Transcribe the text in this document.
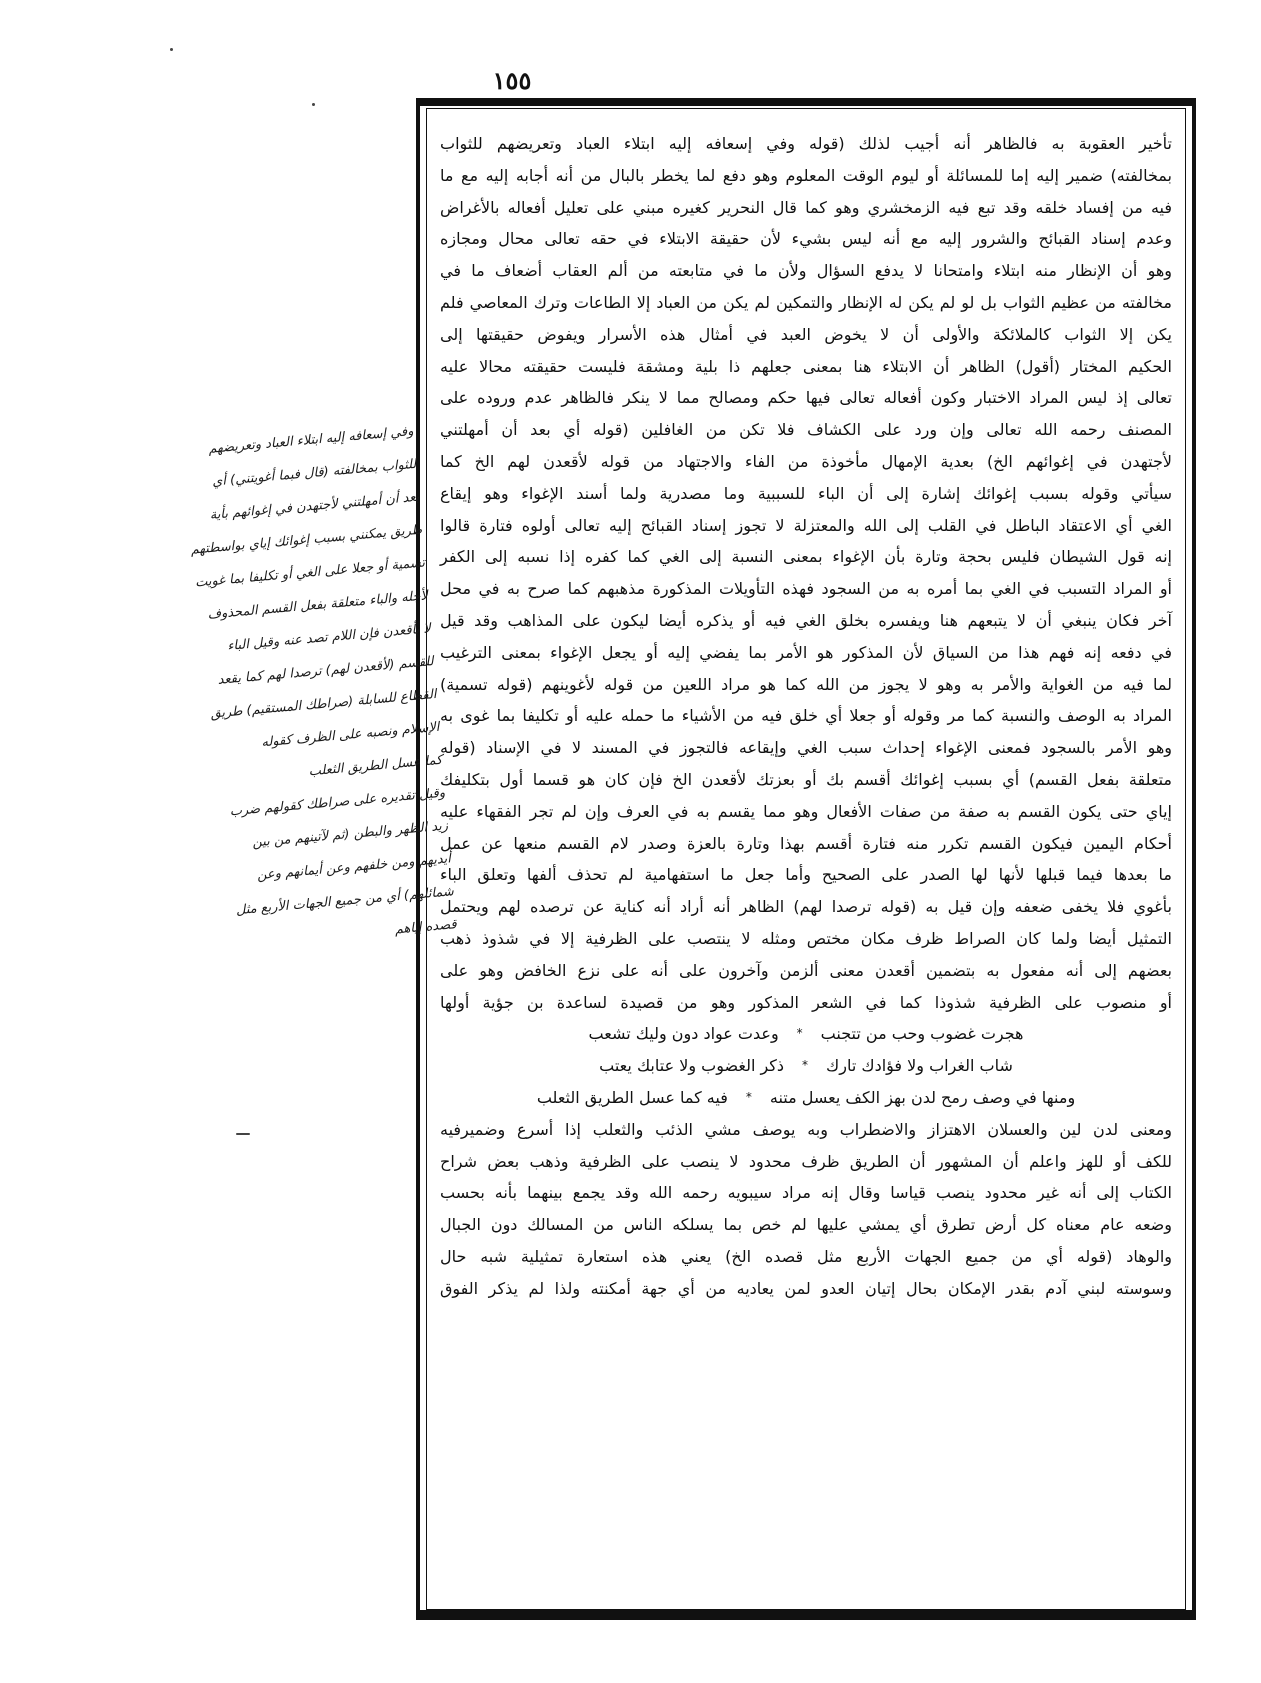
١٥٥
تأخير العقوبة به فالظاهر أنه أجيب لذلك (قوله وفي إسعافه إليه ابتلاء العباد وتعريضهم للثواب
بمخالفته) ضمير إليه إما للمسائلة أو ليوم الوقت المعلوم وهو دفع لما يخطر بالبال من أنه أجابه إليه مع ما
فيه من إفساد خلقه وقد تبع فيه الزمخشري وهو كما قال النحرير كغيره مبني على تعليل أفعاله بالأغراض
وعدم إسناد القبائح والشرور إليه مع أنه ليس بشيء لأن حقيقة الابتلاء في حقه تعالى محال ومجازه
وهو أن الإنظار منه ابتلاء وامتحانا لا يدفع السؤال ولأن ما في متابعته من ألم العقاب أضعاف ما في
مخالفته من عظيم الثواب بل لو لم يكن له الإنظار والتمكين لم يكن من العباد إلا الطاعات وترك المعاصي فلم
يكن إلا الثواب كالملائكة والأولى أن لا يخوض العبد في أمثال هذه الأسرار ويفوض حقيقتها إلى
الحكيم المختار (أقول) الظاهر أن الابتلاء هنا بمعنى جعلهم ذا بلية ومشقة فليست حقيقته محالا عليه
تعالى إذ ليس المراد الاختبار وكون أفعاله تعالى فيها حكم ومصالح مما لا ينكر فالظاهر عدم وروده على
المصنف رحمه الله تعالى وإن ورد على الكشاف فلا تكن من الغافلين (قوله أي بعد أن أمهلتني
لأجتهدن في إغوائهم الخ) بعدية الإمهال مأخوذة من الفاء والاجتهاد من قوله لأقعدن لهم الخ كما
سيأتي وقوله بسبب إغوائك إشارة إلى أن الباء للسببية وما مصدرية ولما أسند الإغواء وهو إيقاع
الغي أي الاعتقاد الباطل في القلب إلى الله والمعتزلة لا تجوز إسناد القبائح إليه تعالى أولوه فتارة قالوا
إنه قول الشيطان فليس بحجة وتارة بأن الإغواء بمعنى النسبة إلى الغي كما كفره إذا نسبه إلى الكفر
أو المراد التسبب في الغي بما أمره به من السجود فهذه التأويلات المذكورة مذهبهم كما صرح به في محل
آخر فكان ينبغي أن لا يتبعهم هنا ويفسره بخلق الغي فيه أو يذكره أيضا ليكون على المذاهب وقد قيل
في دفعه إنه فهم هذا من السياق لأن المذكور هو الأمر بما يفضي إليه أو يجعل الإغواء بمعنى الترغيب
لما فيه من الغواية والأمر به وهو لا يجوز من الله كما هو مراد اللعين من قوله لأغوينهم (قوله تسمية)
المراد به الوصف والنسبة كما مر وقوله أو جعلا أي خلق فيه من الأشياء ما حمله عليه أو تكليفا بما غوى به
وهو الأمر بالسجود فمعنى الإغواء إحداث سبب الغي وإيقاعه فالتجوز في المسند لا في الإسناد (قوله
متعلقة بفعل القسم) أي بسبب إغوائك أقسم بك أو بعزتك لأقعدن الخ فإن كان هو قسما أول بتكليفك
إياي حتى يكون القسم به صفة من صفات الأفعال وهو مما يقسم به في العرف وإن لم تجر الفقهاء عليه
أحكام اليمين فيكون القسم تكرر منه فتارة أقسم بهذا وتارة بالعزة وصدر لام القسم منعها عن عمل
ما بعدها فيما قبلها لأنها لها الصدر على الصحيح وأما جعل ما استفهامية لم تحذف ألفها وتعلق الباء
بأغوي فلا يخفى ضعفه وإن قيل به (قوله ترصدا لهم) الظاهر أنه أراد أنه كناية عن ترصده لهم ويحتمل
التمثيل أيضا ولما كان الصراط ظرف مكان مختص ومثله لا ينتصب على الظرفية إلا في شذوذ ذهب
بعضهم إلى أنه مفعول به بتضمين أقعدن معنى ألزمن وآخرون على أنه على نزع الخافض وهو على
أو منصوب على الظرفية شذوذا كما في الشعر المذكور وهو من قصيدة لساعدة بن جؤية أولها
هجرت غضوب وحب من تتجنب
*
وعدت عواد دون وليك تشعب
شاب الغراب ولا فؤادك تارك
*
ذكر الغضوب ولا عتابك يعتب
ومنها في وصف رمح لدن بهز الكف يعسل متنه
*
فيه كما عسل الطريق الثعلب
ومعنى لدن لين والعسلان الاهتزاز والاضطراب وبه يوصف مشي الذئب والثعلب إذا أسرع وضميرفيه
للكف أو للهز واعلم أن المشهور أن الطريق ظرف محدود لا ينصب على الظرفية وذهب بعض شراح
الكتاب إلى أنه غير محدود ينصب قياسا وقال إنه مراد سيبويه رحمه الله وقد يجمع بينهما بأنه بحسب
وضعه عام معناه كل أرض تطرق أي يمشي عليها لم خص بما يسلكه الناس من المسالك دون الجبال
والوهاد (قوله أي من جميع الجهات الأربع مثل قصده الخ) يعني هذه استعارة تمثيلية شبه حال
وسوسته لبني آدم بقدر الإمكان بحال إتيان العدو لمن يعاديه من أي جهة أمكنته ولذا لم يذكر الفوق
وفي إسعافه إليه ابتلاء العباد وتعريضهم
للثواب بمخالفته (قال فبما أغويتني) أي
بعد أن أمهلتني لأجتهدن في إغوائهم بأية
طريق يمكنني بسبب إغوائك إياي بواسطتهم
تسمية أو جعلا على الغي أو تكليفا بما غويت
لأجله والباء متعلقة بفعل القسم المحذوف
لا بأقعدن فإن اللام تصد عنه وقيل الباء
للقسم (لأقعدن لهم) ترصدا لهم كما يقعد
القطاع للسابلة (صراطك المستقيم) طريق
الإسلام ونصبه على الظرف كقوله
كما عسل الطريق الثعلب
وقيل تقديره على صراطك كقولهم ضرب
زيد الظهر والبطن (ثم لآتينهم من بين
أيديهم ومن خلفهم وعن أيمانهم وعن
شمائلهم) أي من جميع الجهات الأربع مثل
قصده إياهم
